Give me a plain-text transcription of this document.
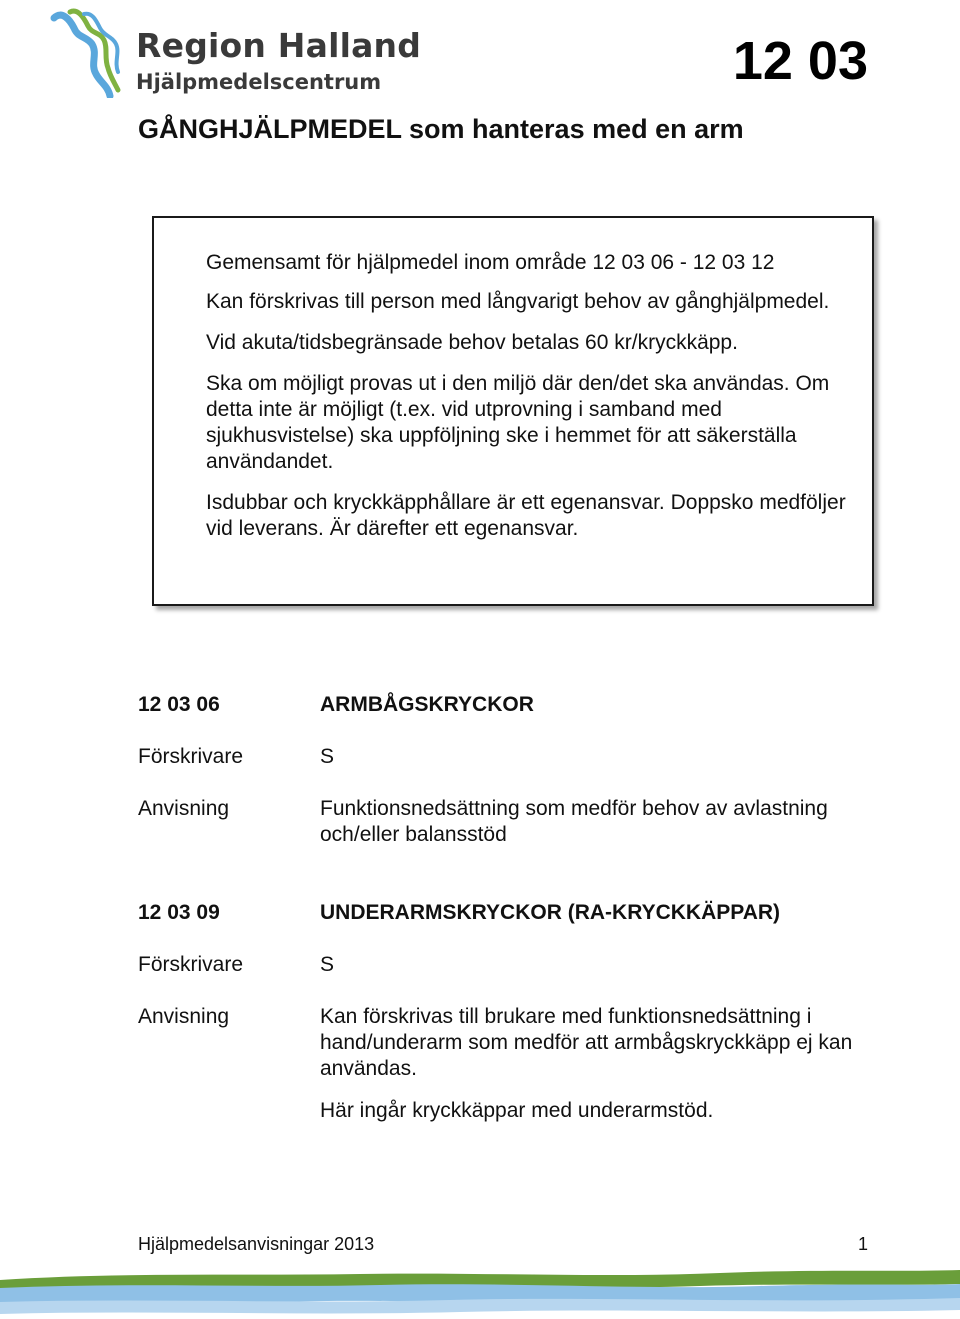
Region Halland
Hjälpmedelscentrum	12 03
GÅNGHJÄLPMEDEL som hanteras med en arm

Gemensamt för hjälpmedel inom område 12 03 06 - 12 03 12

Kan förskrivas till person med långvarigt behov av gånghjälpmedel.

Vid akuta/tidsbegränsade behov betalas 60 kr/kryckkäpp.

Ska om möjligt provas ut i den miljö där den/det ska användas. Om detta inte är möjligt (t.ex. vid utprovning i samband med sjukhusvistelse) ska uppföljning ske i hemmet för att säkerställa användandet.

Isdubbar och kryckkäpphållare är ett egenansvar. Doppsko medföljer vid leverans. Är därefter ett egenansvar.

12 03 06	ARMBÅGSKRYCKOR
Förskrivare	S
Anvisning	Funktionsnedsättning som medför behov av avlastning och/eller balansstöd

12 03 09	UNDERARMSKRYCKOR (RA-KRYCKKÄPPAR)
Förskrivare	S
Anvisning	Kan förskrivas till brukare med funktionsnedsättning i hand/underarm som medför att armbågskryckkäpp ej kan användas.

Här ingår kryckkäppar med underarmstöd.

Hjälpmedelsanvisningar 2013	1
